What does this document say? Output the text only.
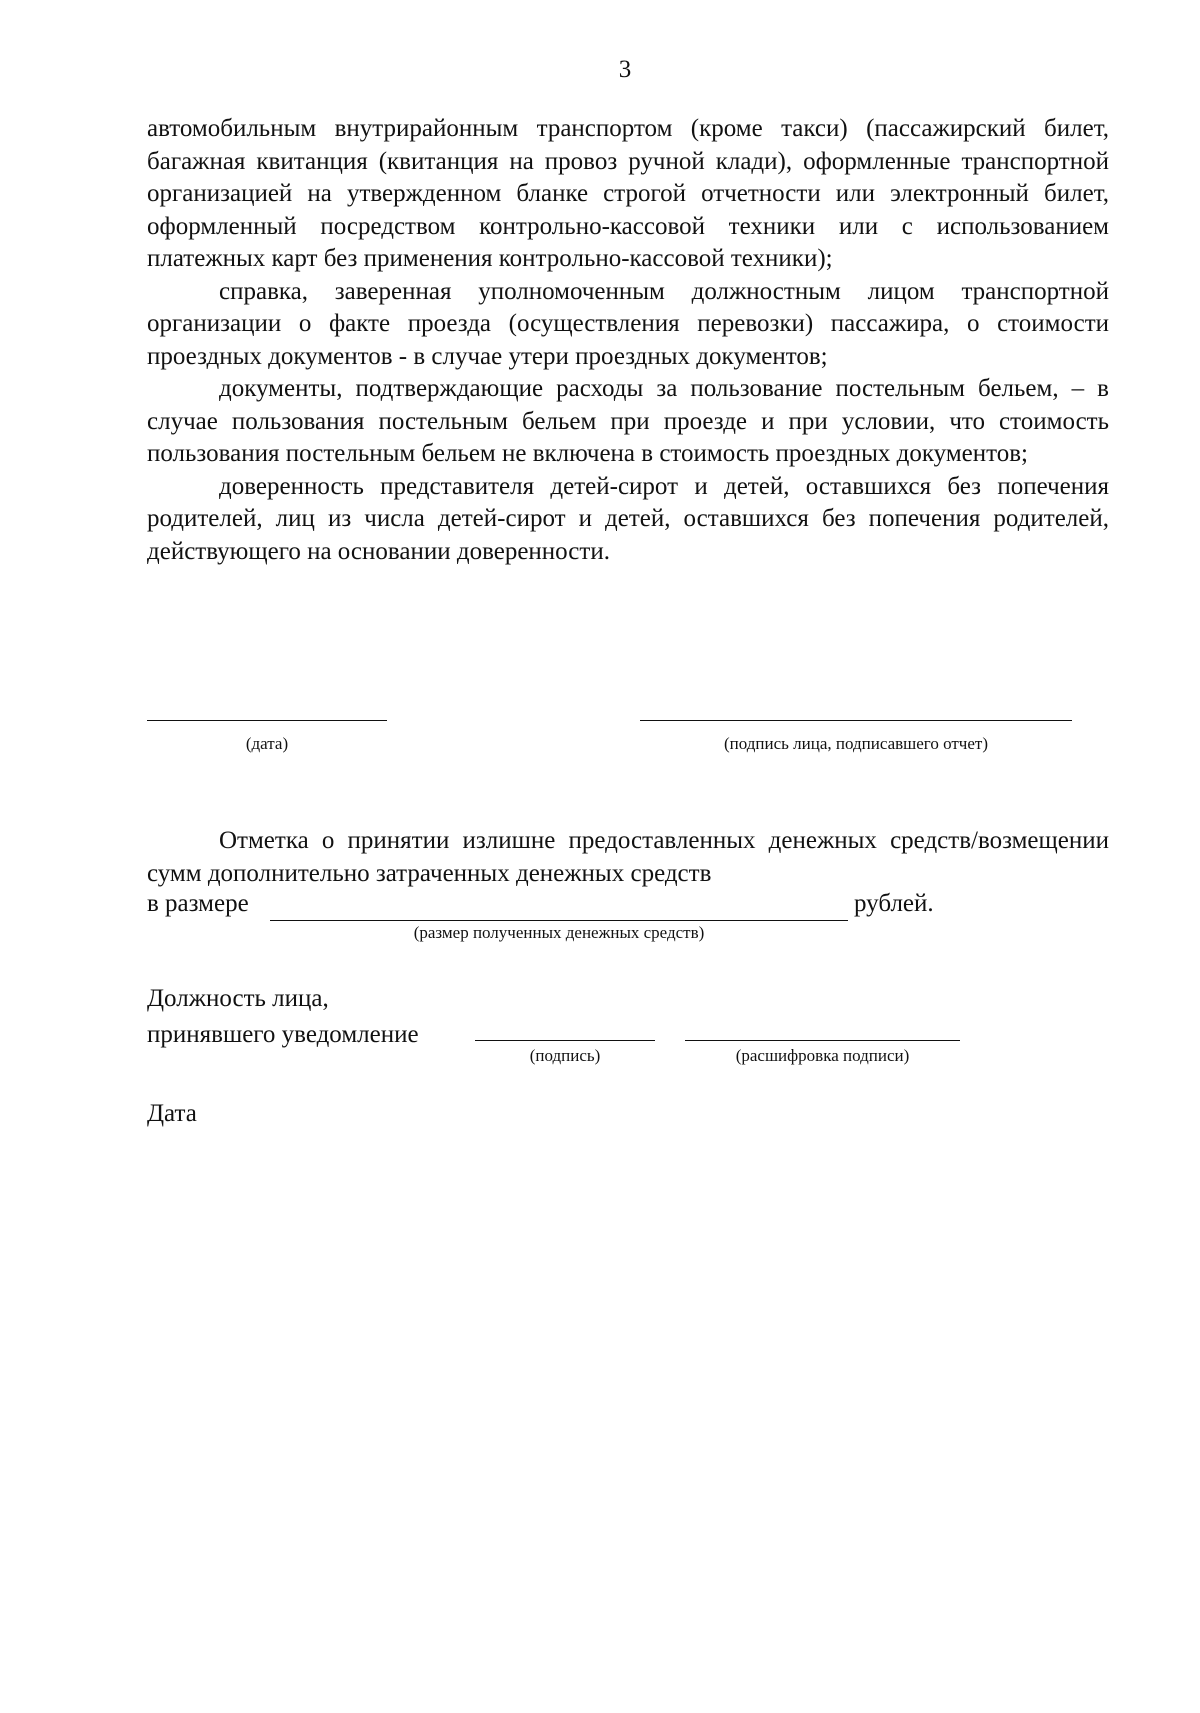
3

автомобильным внутрирайонным транспортом (кроме такси) (пассажирский билет, багажная квитанция (квитанция на провоз ручной клади), оформленные транспортной организацией на утвержденном бланке строгой отчетности или электронный билет, оформленный посредством контрольно-кассовой техники или с использованием платежных карт без применения контрольно-кассовой техники);

справка, заверенная уполномоченным должностным лицом транспортной организации о факте проезда (осуществления перевозки) пассажира, о стоимости проездных документов - в случае утери проездных документов;

документы, подтверждающие расходы за пользование постельным бельем, – в случае пользования постельным бельем при проезде и при условии, что стоимость пользования постельным бельем не включена в стоимость проездных документов;

доверенность представителя детей-сирот и детей, оставшихся без попечения родителей, лиц из числа детей-сирот и детей, оставшихся без попечения родителей, действующего на основании доверенности.

(дата)	(подпись лица, подписавшего отчет)

Отметка о принятии излишне предоставленных денежных средств/возмещении сумм дополнительно затраченных денежных средств

в размере	рублей.
(размер полученных денежных средств)
Должность лица,
принявшего уведомление
(подпись)	(расшифровка подписи)
Дата
